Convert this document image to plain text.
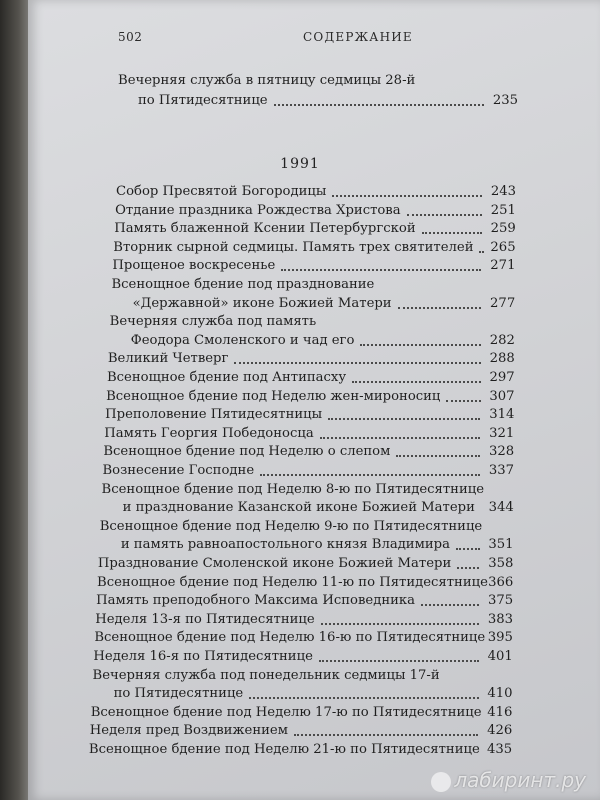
502	СОДЕРЖАНИЕ
Вечерняя служба в пятницу седмицы 28-й
по Пятидесятнице	235
1991
Собор Пресвятой Богородицы	243
Отдание праздника Рождества Христова	251
Память блаженной Ксении Петербургской	259
Вторник сырной седмицы. Память трех святителей	265
Прощеное воскресенье	271
Всенощное бдение под празднование
«Державной» иконе Божией Матери	277
Вечерняя служба под память
Феодора Смоленского и чад его	282
Великий Четверг	288
Всенощное бдение под Антипасху	297
Всенощное бдение под Неделю жен-мироносиц	307
Преполовение Пятидесятницы	314
Память Георгия Победоносца	321
Всенощное бдение под Неделю о слепом	328
Вознесение Господне	337
Всенощное бдение под Неделю 8-ю по Пятидесятнице
и празднование Казанской иконе Божией Матери	344
Всенощное бдение под Неделю 9-ю по Пятидесятнице
и память равноапостольного князя Владимира	351
Празднование Смоленской иконе Божией Матери	358
Всенощное бдение под Неделю 11-ю по Пятидесятнице 366
Память преподобного Максима Исповедника	375
Неделя 13-я по Пятидесятнице	383
Всенощное бдение под Неделю 16-ю по Пятидесятнице 395
Неделя 16-я по Пятидесятнице	401
Вечерняя служба под понедельник седмицы 17-й
по Пятидесятнице	410
Всенощное бдение под Неделю 17-ю по Пятидесятнице 416
Неделя пред Воздвижением	426
Всенощное бдение под Неделю 21-ю по Пятидесятнице 435
лабиринт.ру
